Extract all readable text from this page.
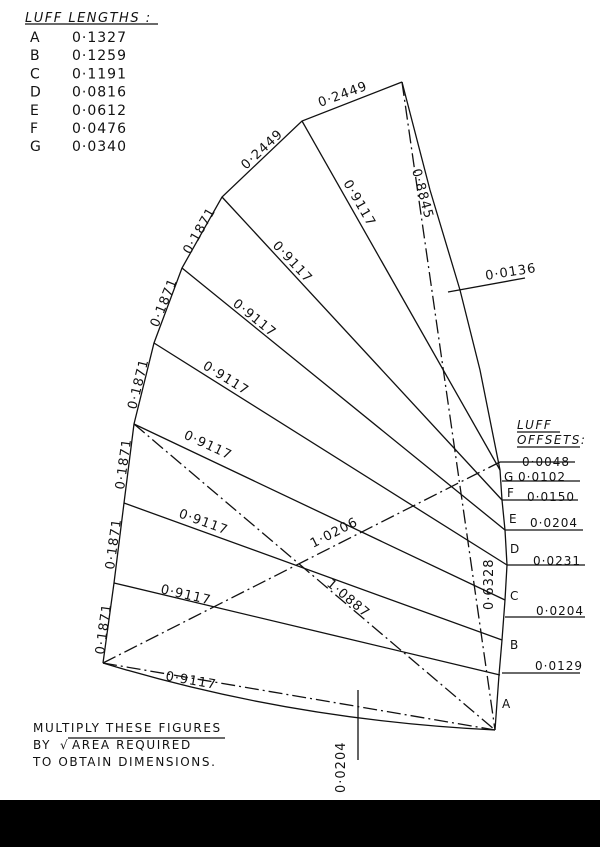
LUFF LENGTHS :
A 0·1327
B 0·1259
C 0·1191
D 0·0816
E 0·0612
F 0·0476
G 0·0340
0·1871
0·1871
0·1871
0·1871
0·1871
0·1871
0·2449
0·2449
0·9117
0·9117
0·9117
0·9117
0·9117
0·9117
0·9117
0·9117 0·8845
0·0136
1·0206
1·0887	0·6328
0·0204
LUFF
OFFSETS:
0·0048
G 0·0102
F 0·0150
E 0·0204
D
0·0231
C
0·0204
B
0·0129
A
MULTIPLY THESE FIGURES
BY √ AREA REQUIRED
TO OBTAIN DIMENSIONS.
